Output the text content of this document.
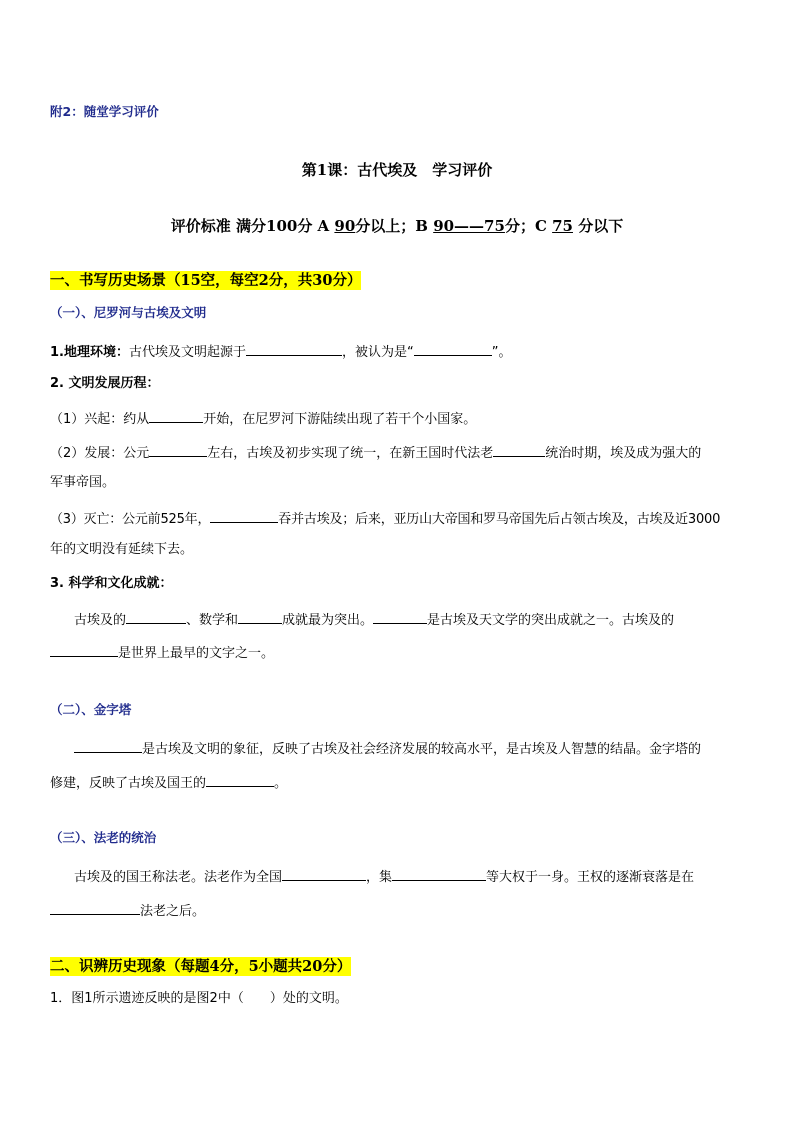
附2：随堂学习评价
第1课：古代埃及　学习评价
评价标准 满分100分 A 90分以上；B 90——75分；C 75 分以下
一、书写历史场景（15空，每空2分，共30分）
（一）、尼罗河与古埃及文明
1.地理环境：古代埃及文明起源于	，被认为是“	”。
2. 文明发展历程：
（1）兴起：约从	开始，在尼罗河下游陆续出现了若干个小国家。
（2）发展：公元	左右，古埃及初步实现了统一，在新王国时代法老	统治时期，埃及成为强大的
军事帝国。
（3）灭亡：公元前525年，	吞并古埃及；后来，亚历山大帝国和罗马帝国先后占领古埃及，古埃及近3000
年的文明没有延续下去。
3. 科学和文化成就：
古埃及的	、数学和	成就最为突出。	是古埃及天文学的突出成就之一。古埃及的
是世界上最早的文字之一。
（二）、金字塔
是古埃及文明的象征，反映了古埃及社会经济发展的较高水平，是古埃及人智慧的结晶。金字塔的
修建，反映了古埃及国王的	。
（三）、法老的统治
古埃及的国王称法老。法老作为全国	，集	等大权于一身。王权的逐渐衰落是在
法老之后。
二、识辨历史现象（每题4分，5小题共20分）
1．图1所示遗迹反映的是图2中（　　）处的文明。
